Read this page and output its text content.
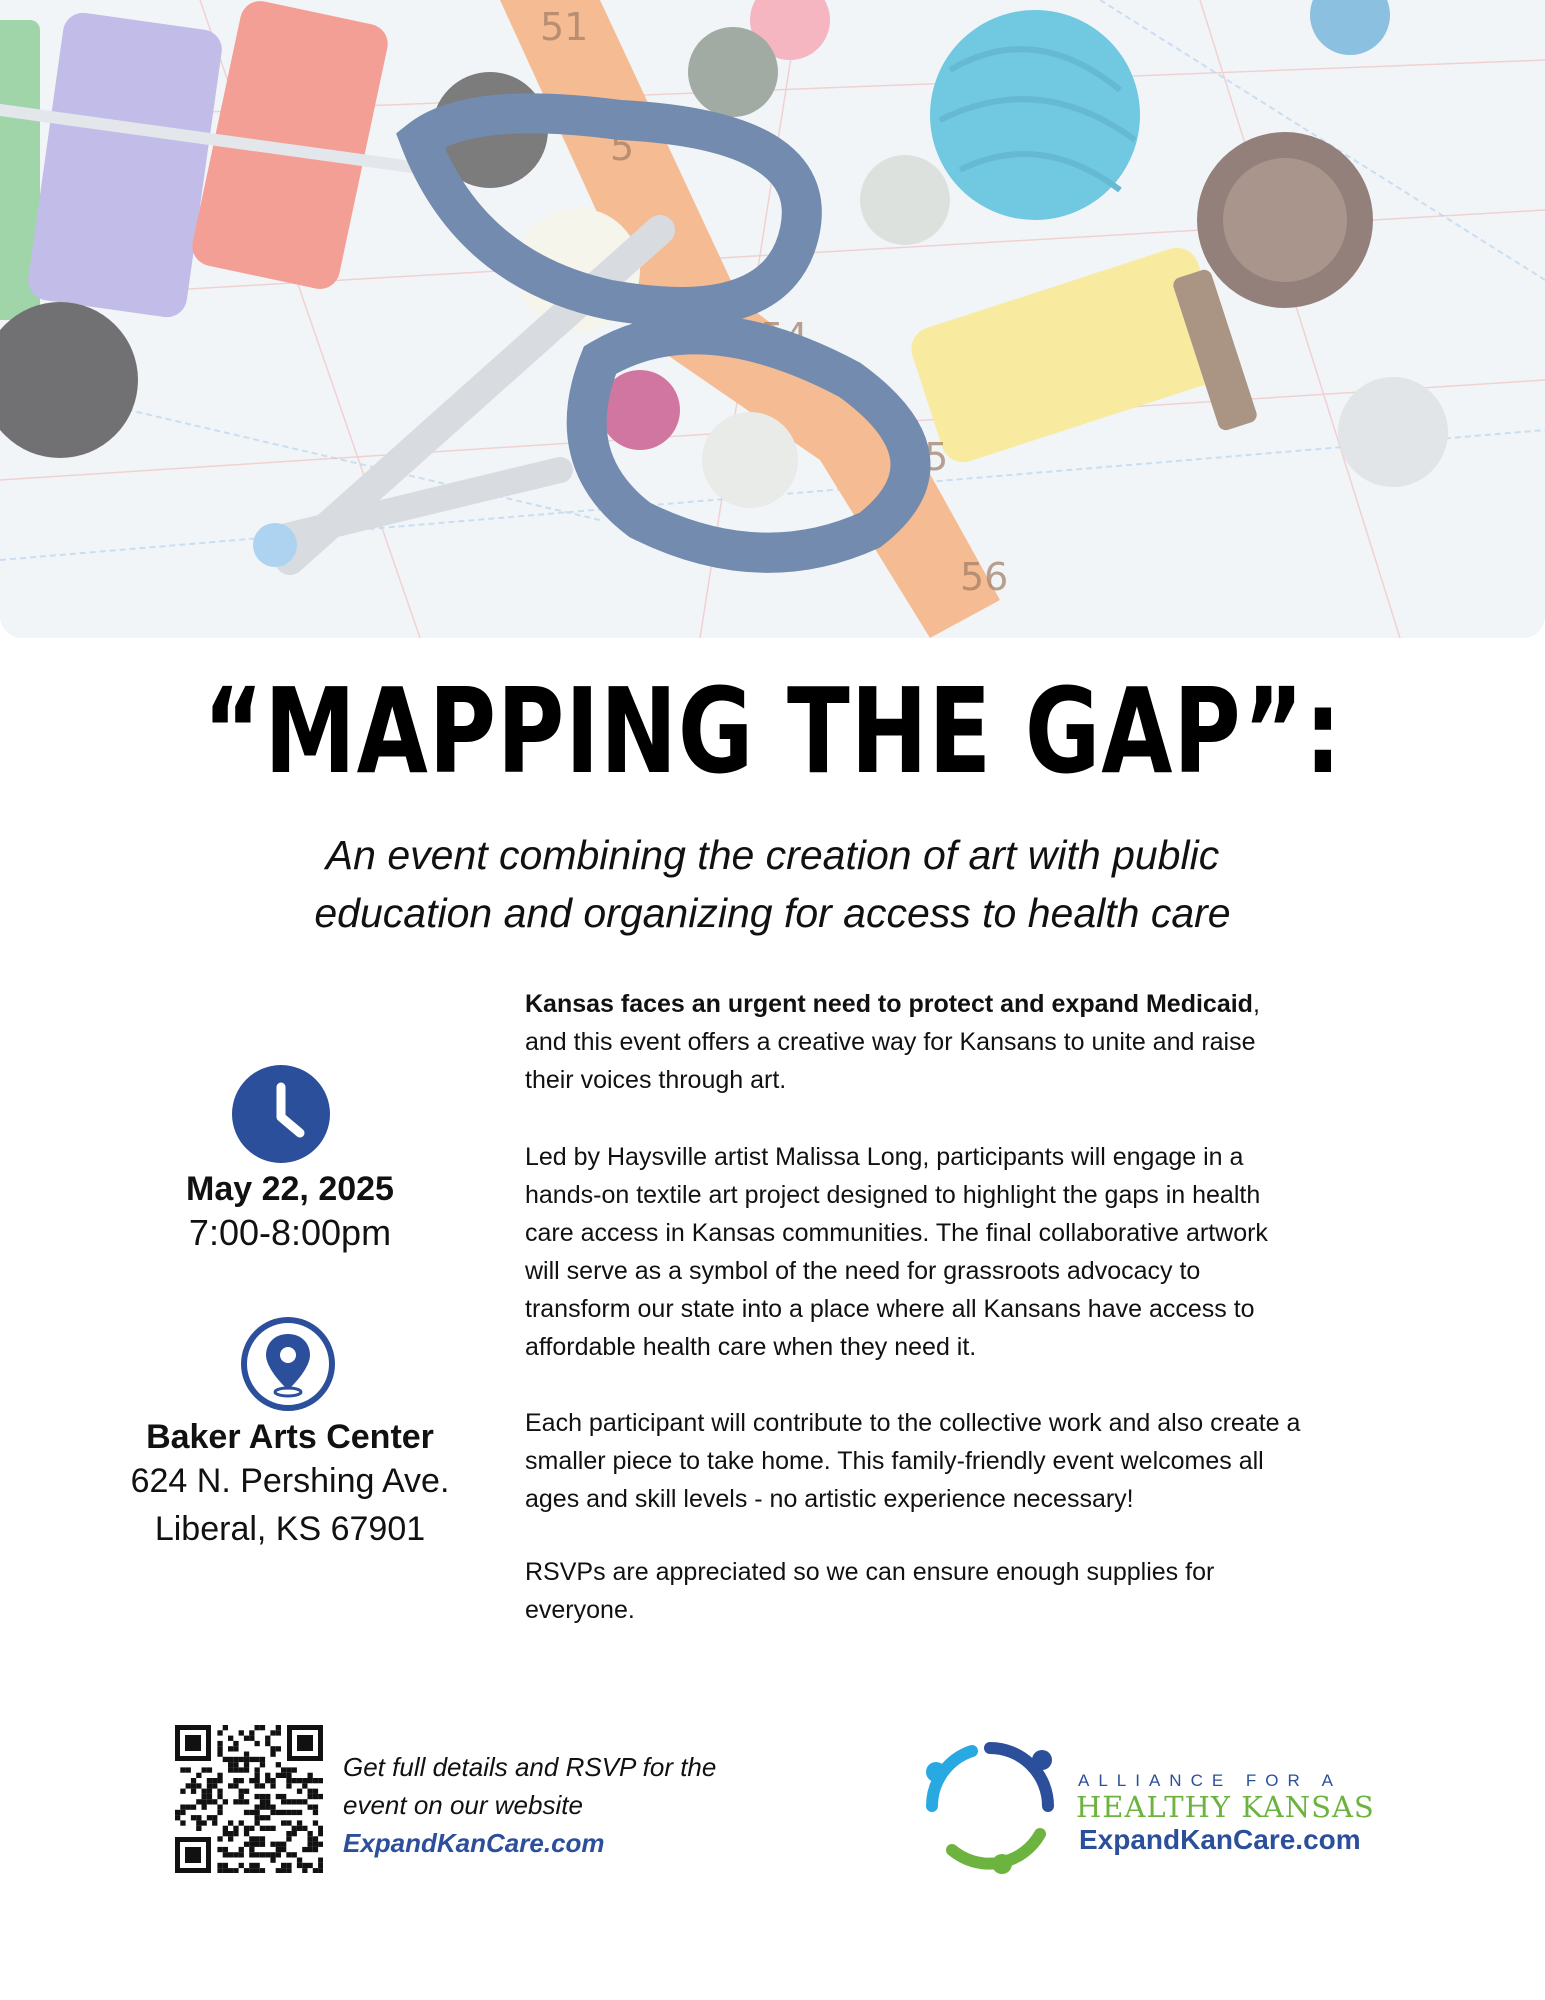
51
5
54
55
56
“MAPPING THE GAP”:
An event combining the creation of art with public
education and organizing for access to health care
May 22, 2025
7:00-8:00pm
Baker Arts Center
624 N. Pershing Ave.
Liberal, KS 67901
Kansas faces an urgent need to protect and expand Medicaid,
and this event offers a creative way for Kansans to unite and raise
their voices through art.
Led by Haysville artist Malissa Long, participants will engage in a
hands-on textile art project designed to highlight the gaps in health
care access in Kansas communities. The final collaborative artwork
will serve as a symbol of the need for grassroots advocacy to
transform our state into a place where all Kansans have access to
affordable health care when they need it.
Each participant will contribute to the collective work and also create a
smaller piece to take home. This family-friendly event welcomes all
ages and skill levels - no artistic experience necessary!
RSVPs are appreciated so we can ensure enough supplies for
everyone.
Get full details and RSVP for the
event on our website
ExpandKanCare.com
ALLIANCE FOR A
HEALTHY KANSAS
ExpandKanCare.com
